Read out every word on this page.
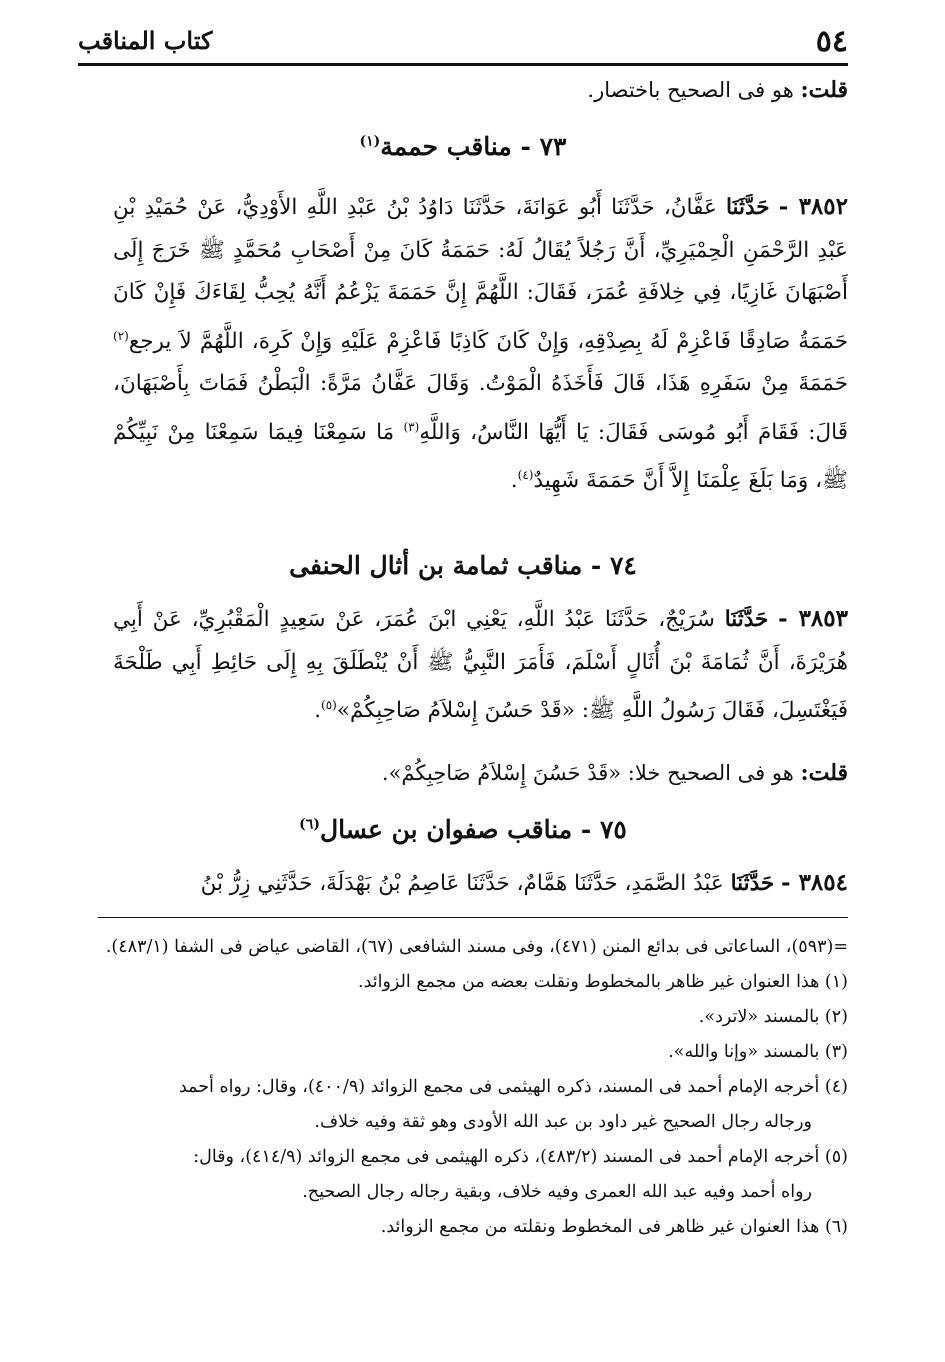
٥٤
كتاب المناقب
قلت: هو فى الصحيح باختصار.
٧٣ - مناقب حممة$^{(١)}$
٣٨٥٢ - حَدَّثَنَا عَفَّانُ، حَدَّثَنَا أَبُو عَوَانَةَ، حَدَّثَنَا دَاوُدُ بْنُ عَبْدِ اللَّهِ الأَوْدِيُّ، عَنْ حُمَيْدِ بْنِ عَبْدِ الرَّحْمَنِ الْحِمْيَرِيِّ، أَنَّ رَجُلاً يُقَالُ لَهُ: حَمَمَةُ كَانَ مِنْ أَصْحَابِ مُحَمَّدٍ ﷺ خَرَجَ إِلَى أَصْبَهَانَ غَازِيًا، فِي خِلافَةِ عُمَرَ، فَقَالَ: اللَّهُمَّ إِنَّ حَمَمَةَ يَزْعُمُ أَنَّهُ يُحِبُّ لِقَاءَكَ فَإِنْ كَانَ حَمَمَةُ صَادِقًا فَاعْزِمْ لَهُ بِصِدْقِهِ، وَإِنْ كَانَ كَاذِبًا فَاعْزِمْ عَلَيْهِ وَإِنْ كَرِهَ، اللَّهُمَّ لاَ يرجع$^{(٢)}$ حَمَمَةَ مِنْ سَفَرِهِ هَذَا، قَالَ فَأَخَذَهُ الْمَوْتُ. وَقَالَ عَفَّانُ مَرَّةً: الْبَطْنُ فَمَاتَ بِأَصْبَهَانَ، قَالَ: فَقَامَ أَبُو مُوسَى فَقَالَ: يَا أَيُّهَا النَّاسُ، وَاللَّهِ$^{(٣)}$ مَا سَمِعْنَا فِيمَا سَمِعْنَا مِنْ نَبِيِّكُمْ ﷺ، وَمَا بَلَغَ عِلْمَنَا إِلاَّ أَنَّ حَمَمَةَ شَهِيدٌ$^{(٤)}$.
٧٤ - مناقب ثمامة بن أثال الحنفى
٣٨٥٣ - حَدَّثَنَا سُرَيْجٌ، حَدَّثَنَا عَبْدُ اللَّهِ، يَعْنِي ابْنَ عُمَرَ، عَنْ سَعِيدٍ الْمَقْبُرِيِّ، عَنْ أَبِي هُرَيْرَةَ، أَنَّ ثُمَامَةَ بْنَ أُثَالٍ أَسْلَمَ، فَأَمَرَ النَّبِيُّ ﷺ أَنْ يُنْطَلَقَ بِهِ إِلَى حَائِطِ أَبِي طَلْحَةَ فَيَغْتَسِلَ، فَقَالَ رَسُولُ اللَّهِ ﷺ: «قَدْ حَسُنَ إِسْلاَمُ صَاحِبِكُمْ»$^{(٥)}$.
قلت: هو فى الصحيح خلا: «قَدْ حَسُنَ إِسْلاَمُ صَاحِبِكُمْ».
٧٥ - مناقب صفوان بن عسال$^{(٦)}$
٣٨٥٤ - حَدَّثَنَا عَبْدُ الصَّمَدِ، حَدَّثَنَا هَمَّامٌ، حَدَّثَنَا عَاصِمُ بْنُ بَهْدَلَةَ، حَدَّثَنِي زِرُّ بْنُ
=(٥٩٣)، الساعاتى فى بدائع المنن (٤٧١)، وفى مسند الشافعى (٦٧)، القاضى عياض فى الشفا (٤٨٣/١).
(١) هذا العنوان غير ظاهر بالمخطوط ونقلت بعضه من مجمع الزوائد.
(٢) بالمسند «لاترد».
(٣) بالمسند «وإنا والله».
(٤) أخرجه الإمام أحمد فى المسند، ذكره الهيثمى فى مجمع الزوائد (٤٠٠/٩)، وقال: رواه أحمد
ورجاله رجال الصحيح غير داود بن عبد الله الأودى وهو ثقة وفيه خلاف.
(٥) أخرجه الإمام أحمد فى المسند (٤٨٣/٢)، ذكره الهيثمى فى مجمع الزوائد (٤١٤/٩)، وقال:
رواه أحمد وفيه عبد الله العمرى وفيه خلاف، وبقية رجاله رجال الصحيح.
(٦) هذا العنوان غير ظاهر فى المخطوط ونقلته من مجمع الزوائد.
